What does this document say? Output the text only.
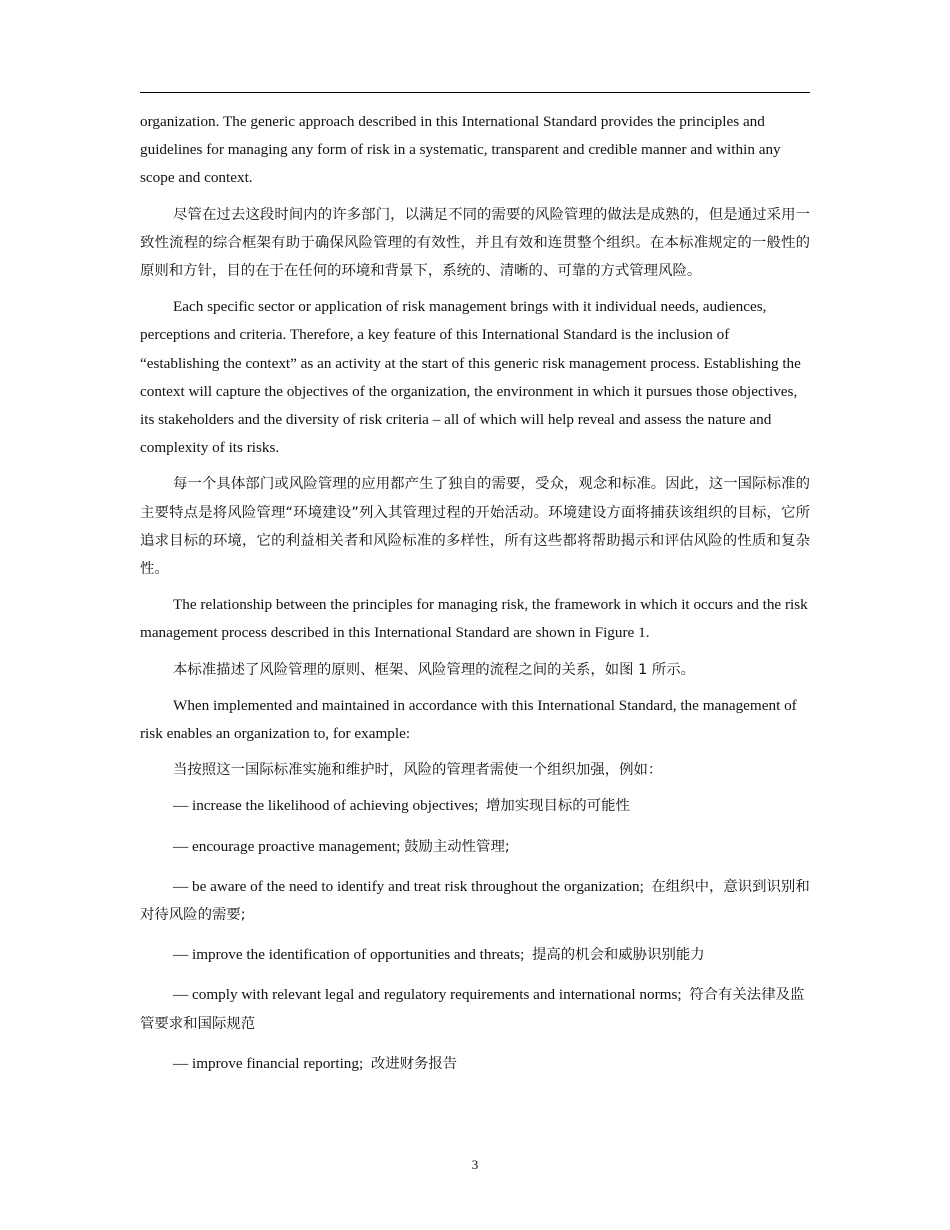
organization. The generic approach described in this International Standard provides the principles and guidelines for managing any form of risk in a systematic, transparent and credible manner and within any scope and context.

尽管在过去这段时间内的许多部门，以满足不同的需要的风险管理的做法是成熟的，但是通过采用一致性流程的综合框架有助于确保风险管理的有效性，并且有效和连贯整个组织。在本标准规定的一般性的原则和方针，目的在于在任何的环境和背景下，系统的、清晰的、可靠的方式管理风险。

Each specific sector or application of risk management brings with it individual needs, audiences, perceptions and criteria. Therefore, a key feature of this International Standard is the inclusion of “establishing the context” as an activity at the start of this generic risk management process. Establishing the context will capture the objectives of the organization, the environment in which it pursues those objectives, its stakeholders and the diversity of risk criteria – all of which will help reveal and assess the nature and complexity of its risks.

每一个具体部门或风险管理的应用都产生了独自的需要，受众，观念和标准。因此，这一国际标准的主要特点是将风险管理“环境建设”列入其管理过程的开始活动。环境建设方面将捕获该组织的目标，它所追求目标的环境，它的利益相关者和风险标准的多样性，所有这些都将帮助揭示和评估风险的性质和复杂性。

The relationship between the principles for managing risk, the framework in which it occurs and the risk management process described in this International Standard are shown in Figure 1.

本标准描述了风险管理的原则、框架、风险管理的流程之间的关系，如图 1 所示。

When implemented and maintained in accordance with this International Standard, the management of risk enables an organization to, for example:

当按照这一国际标准实施和维护时，风险的管理者需使一个组织加强，例如：

— increase the likelihood of achieving objectives; 增加实现目标的可能性

— encourage proactive management; 鼓励主动性管理;

— be aware of the need to identify and treat risk throughout the organization; 在组织中，意识到识别和对待风险的需要;

— improve the identification of opportunities and threats; 提高的机会和威胁识别能力

— comply with relevant legal and regulatory requirements and international norms; 符合有关法律及监管要求和国际规范

— improve financial reporting; 改进财务报告

3
